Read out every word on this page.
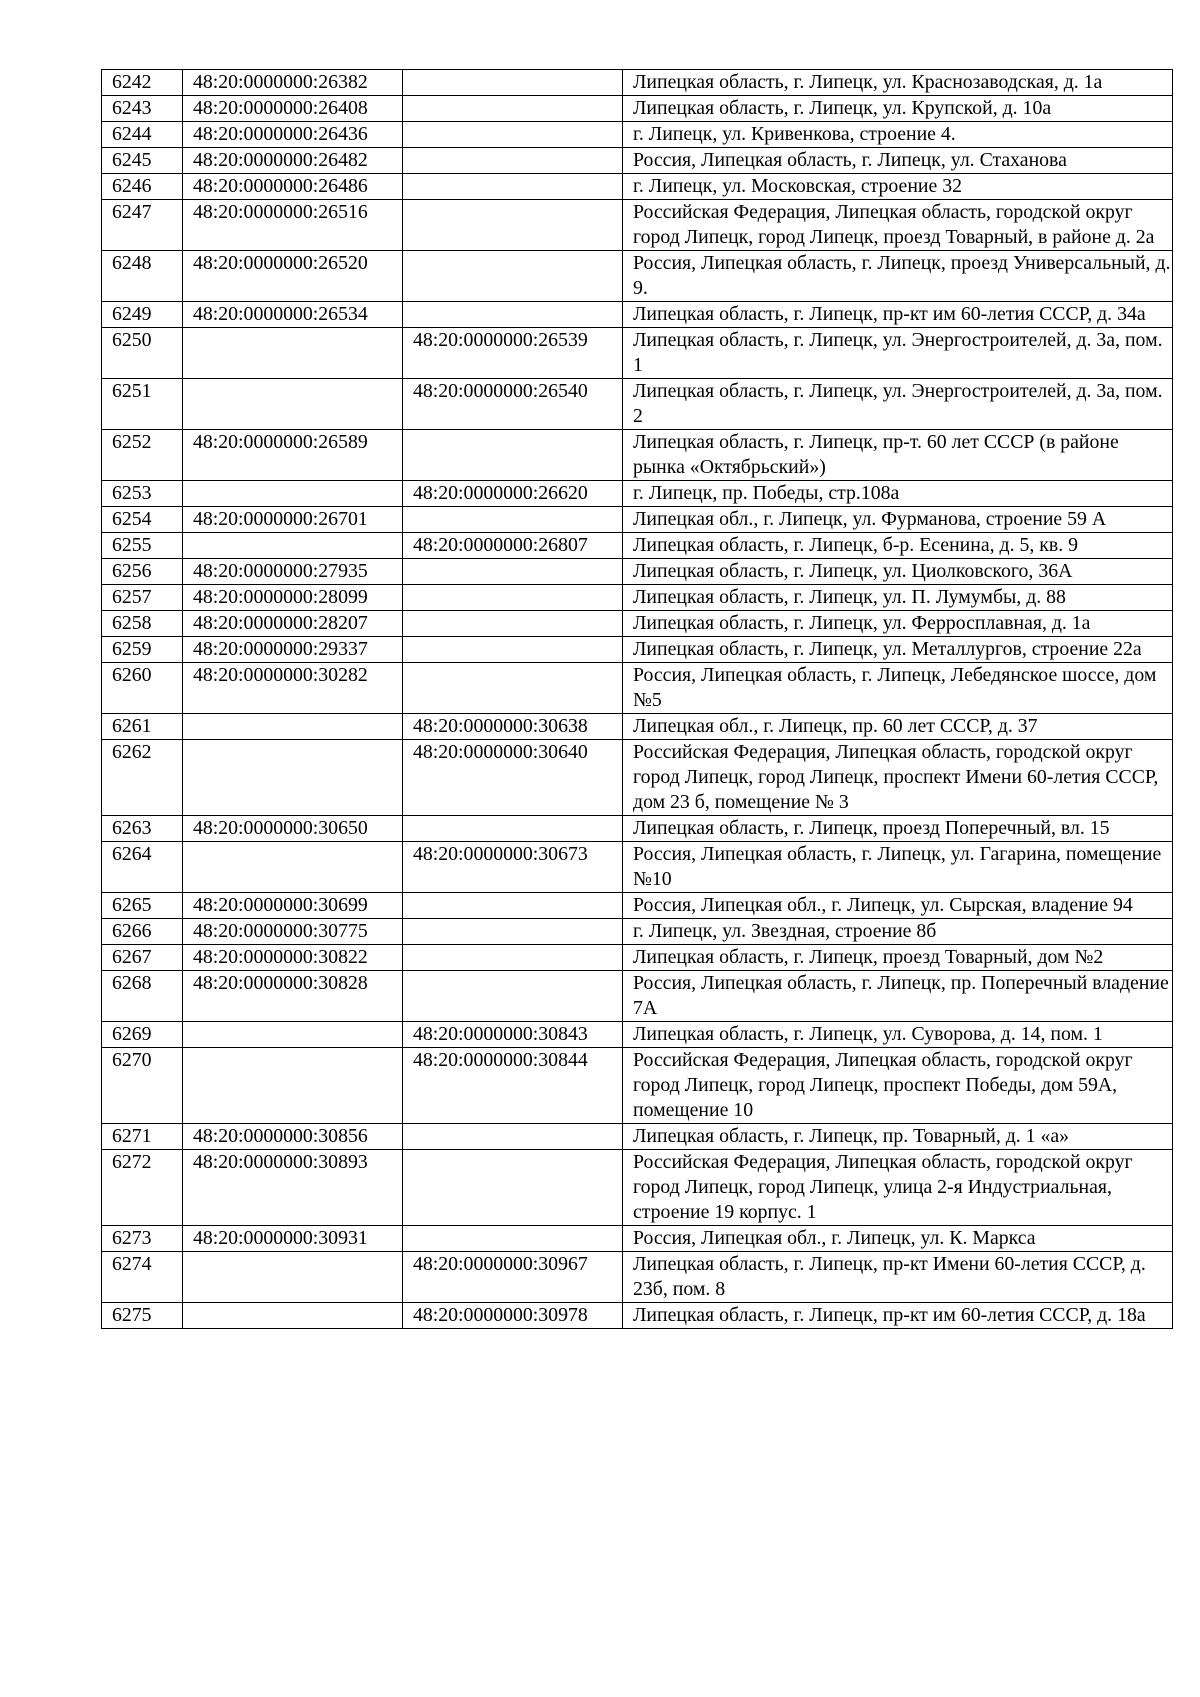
6242	48:20:0000000:26382		Липецкая область, г. Липецк, ул. Краснозаводская, д. 1а
6243	48:20:0000000:26408		Липецкая область, г. Липецк, ул. Крупской, д. 10а
6244	48:20:0000000:26436		г. Липецк, ул. Кривенкова, строение 4.
6245	48:20:0000000:26482		Россия, Липецкая область, г. Липецк, ул. Стаханова
6246	48:20:0000000:26486		г. Липецк, ул. Московская, строение 32
6247	48:20:0000000:26516		Российская Федерация, Липецкая область, городской округ город Липецк, город Липецк, проезд Товарный, в районе д. 2а
6248	48:20:0000000:26520		Россия, Липецкая область, г. Липецк, проезд Универсальный, д. 9.
6249	48:20:0000000:26534		Липецкая область, г. Липецк, пр-кт им 60-летия СССР, д. 34а
6250		48:20:0000000:26539	Липецкая область, г. Липецк, ул. Энергостроителей, д. 3а, пом. 1
6251		48:20:0000000:26540	Липецкая область, г. Липецк, ул. Энергостроителей, д. 3а, пом. 2
6252	48:20:0000000:26589		Липецкая область, г. Липецк, пр-т. 60 лет СССР (в районе рынка «Октябрьский»)
6253		48:20:0000000:26620	г. Липецк, пр. Победы, стр.108а
6254	48:20:0000000:26701		Липецкая обл., г. Липецк, ул. Фурманова, строение 59 А
6255		48:20:0000000:26807	Липецкая область, г. Липецк, б-р. Есенина, д. 5, кв. 9
6256	48:20:0000000:27935		Липецкая область, г. Липецк, ул. Циолковского, 36А
6257	48:20:0000000:28099		Липецкая область, г. Липецк, ул. П. Лумумбы, д. 88
6258	48:20:0000000:28207		Липецкая область, г. Липецк, ул. Ферросплавная, д. 1а
6259	48:20:0000000:29337		Липецкая область, г. Липецк, ул. Металлургов, строение 22а
6260	48:20:0000000:30282		Россия, Липецкая область, г. Липецк, Лебедянское шоссе, дом №5
6261		48:20:0000000:30638	Липецкая обл., г. Липецк, пр. 60 лет СССР, д. 37
6262		48:20:0000000:30640	Российская Федерация, Липецкая область, городской округ город Липецк, город Липецк, проспект Имени 60-летия СССР, дом 23 б, помещение № 3
6263	48:20:0000000:30650		Липецкая область, г. Липецк, проезд Поперечный, вл. 15
6264		48:20:0000000:30673	Россия, Липецкая область, г. Липецк, ул. Гагарина, помещение №10
6265	48:20:0000000:30699		Россия, Липецкая обл., г. Липецк, ул. Сырская, владение 94
6266	48:20:0000000:30775		г. Липецк, ул. Звездная, строение 8б
6267	48:20:0000000:30822		Липецкая область, г. Липецк, проезд Товарный, дом №2
6268	48:20:0000000:30828		Россия, Липецкая область, г. Липецк, пр. Поперечный владение 7А
6269		48:20:0000000:30843	Липецкая область, г. Липецк, ул. Суворова, д. 14, пом. 1
6270		48:20:0000000:30844	Российская Федерация, Липецкая область, городской округ город Липецк, город Липецк, проспект Победы, дом 59А, помещение 10
6271	48:20:0000000:30856		Липецкая область, г. Липецк, пр. Товарный, д. 1 «а»
6272	48:20:0000000:30893		Российская Федерация, Липецкая область, городской округ город Липецк, город Липецк, улица 2-я Индустриальная, строение 19 корпус. 1
6273	48:20:0000000:30931		Россия, Липецкая обл., г. Липецк, ул. К. Маркса
6274		48:20:0000000:30967	Липецкая область, г. Липецк, пр-кт Имени 60-летия СССР, д. 23б, пом. 8
6275		48:20:0000000:30978	Липецкая область, г. Липецк, пр-кт им 60-летия СССР, д. 18а
